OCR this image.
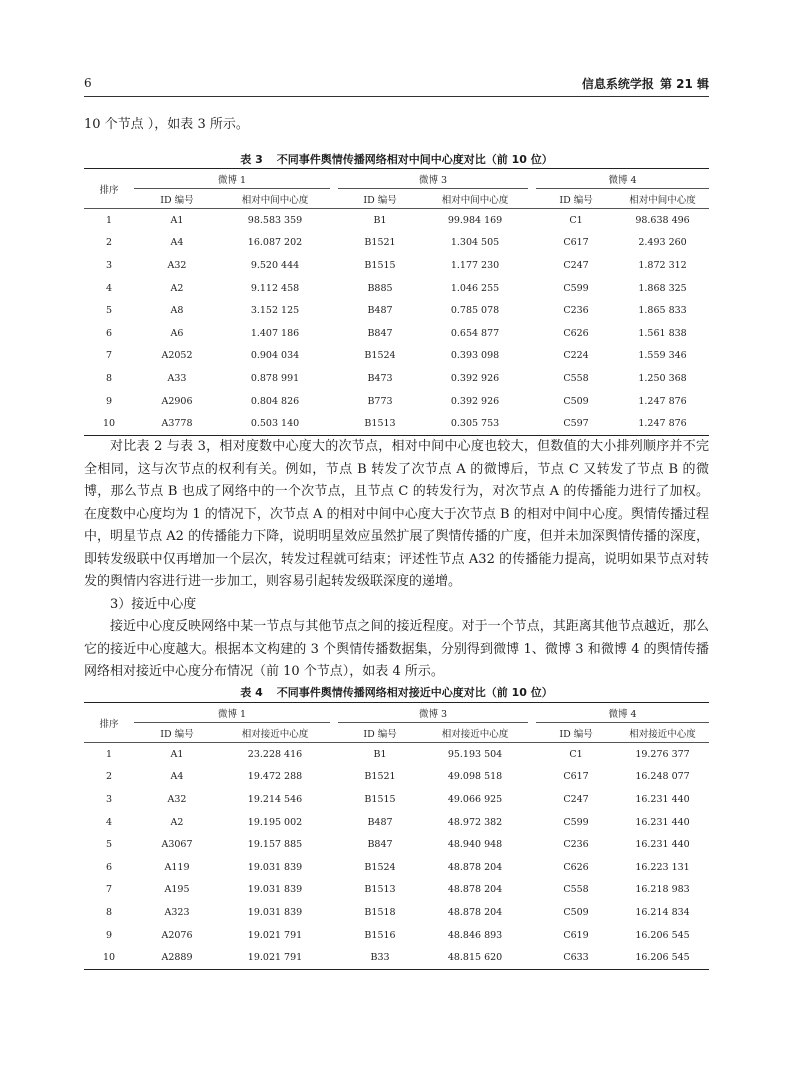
6	信息系统学报 第 21 辑

10 个节点 ），如表 3 所示。

表 3 不同事件舆情传播网络相对中间中心度对比（前 10 位）
排序	微博 1			微博 3			微博 4	
	ID 编号	相对中间中心度		ID 编号	相对中间中心度		ID 编号	相对中间中心度
1	A1	98.583 359		B1	99.984 169		C1	98.638 496
2	A4	16.087 202		B1521	1.304 505		C617	2.493 260
3	A32	9.520 444		B1515	1.177 230		C247	1.872 312
4	A2	9.112 458		B885	1.046 255		C599	1.868 325
5	A8	3.152 125		B487	0.785 078		C236	1.865 833
6	A6	1.407 186		B847	0.654 877		C626	1.561 838
7	A2052	0.904 034		B1524	0.393 098		C224	1.559 346
8	A33	0.878 991		B473	0.392 926		C558	1.250 368
9	A2906	0.804 826		B773	0.392 926		C509	1.247 876
10	A3778	0.503 140		B1513	0.305 753		C597	1.247 876

对比表 2 与表 3，相对度数中心度大的次节点，相对中间中心度也较大，但数值的大小排列顺序并不完全相同，这与次节点的权利有关。例如，节点 B 转发了次节点 A 的微博后，节点 C 又转发了节点 B 的微博，那么节点 B 也成了网络中的一个次节点，且节点 C 的转发行为，对次节点 A 的传播能力进行了加权。在度数中心度均为 1 的情况下，次节点 A 的相对中间中心度大于次节点 B 的相对中间中心度。舆情传播过程中，明星节点 A2 的传播能力下降，说明明星效应虽然扩展了舆情传播的广度，但并未加深舆情传播的深度，即转发级联中仅再增加一个层次，转发过程就可结束；评述性节点 A32 的传播能力提高，说明如果节点对转发的舆情内容进行进一步加工，则容易引起转发级联深度的递增。

3）接近中心度

接近中心度反映网络中某一节点与其他节点之间的接近程度。对于一个节点，其距离其他节点越近，那么它的接近中心度越大。根据本文构建的 3 个舆情传播数据集，分别得到微博 1、微博 3 和微博 4 的舆情传播网络相对接近中心度分布情况（前 10 个节点），如表 4 所示。

表 4 不同事件舆情传播网络相对接近中心度对比（前 10 位）
排序	微博 1			微博 3			微博 4	
	ID 编号	相对接近中心度		ID 编号	相对接近中心度		ID 编号	相对接近中心度
1	A1	23.228 416		B1	95.193 504		C1	19.276 377
2	A4	19.472 288		B1521	49.098 518		C617	16.248 077
3	A32	19.214 546		B1515	49.066 925		C247	16.231 440
4	A2	19.195 002		B487	48.972 382		C599	16.231 440
5	A3067	19.157 885		B847	48.940 948		C236	16.231 440
6	A119	19.031 839		B1524	48.878 204		C626	16.223 131
7	A195	19.031 839		B1513	48.878 204		C558	16.218 983
8	A323	19.031 839		B1518	48.878 204		C509	16.214 834
9	A2076	19.021 791		B1516	48.846 893		C619	16.206 545
10	A2889	19.021 791		B33	48.815 620		C633	16.206 545
